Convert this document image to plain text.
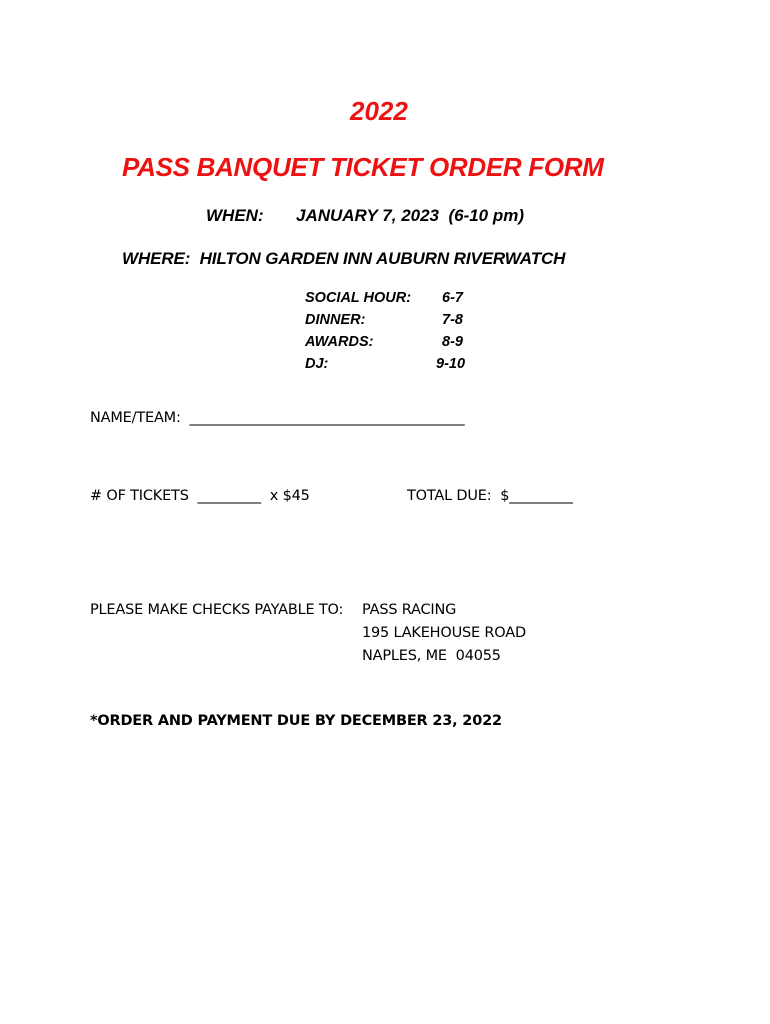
2022
PASS BANQUET TICKET ORDER FORM
WHEN: JANUARY 7, 2023  (6-10 pm)
WHERE:  HILTON GARDEN INN AUBURN RIVERWATCH
SOCIAL HOUR: 6-7
DINNER:	7-8
AWARDS:	8-9
DJ:	9-10
NAME/TEAM:  _______________________________________
# OF TICKETS  _________  x $45	TOTAL DUE:  $_________
PLEASE MAKE CHECKS PAYABLE TO: PASS RACING
195 LAKEHOUSE ROAD
NAPLES, ME  04055
*ORDER AND PAYMENT DUE BY DECEMBER 23, 2022
